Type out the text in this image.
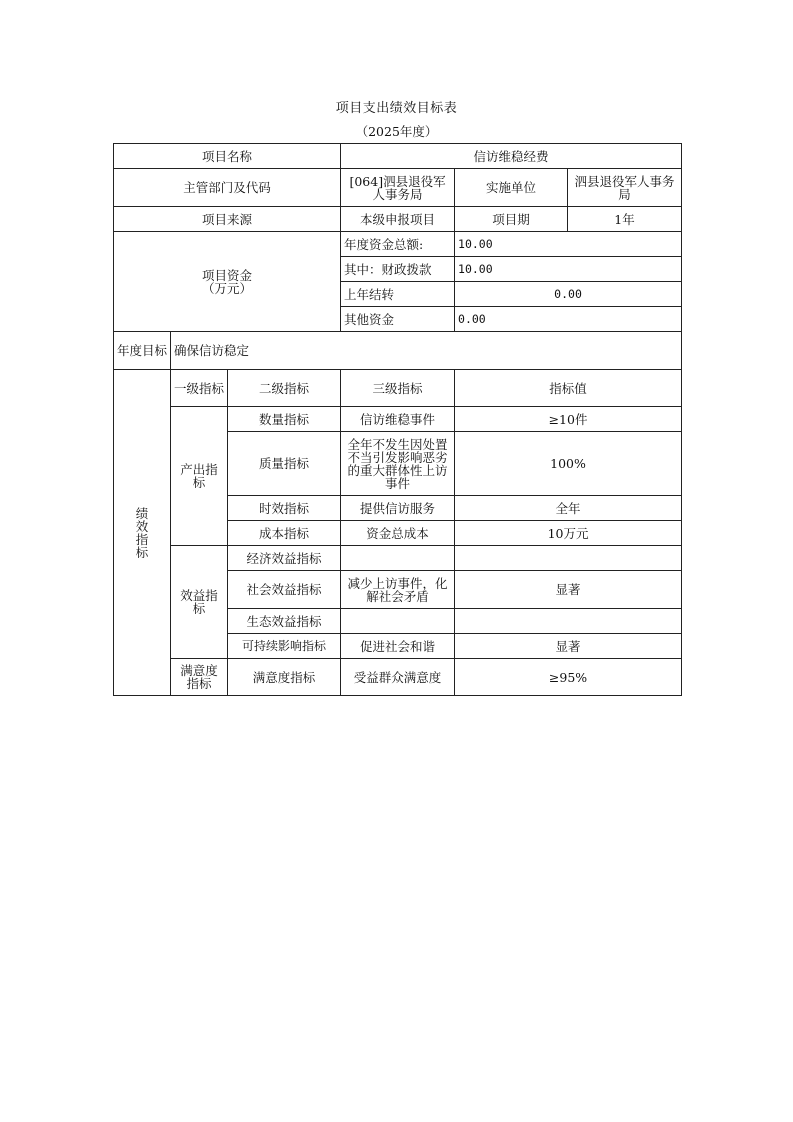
项目支出绩效目标表
（2025年度）
项目名称			信访维稳经费		
主管部门及代码			[064]泗县退役军人事务局	实施单位	泗县退役军人事务局
项目来源			本级申报项目	项目期	1年

项目资金
（万元）			年度资金总额:	10.00	
			其中：财政拨款	10.00	
			上年结转	0.00	
			其他资金	0.00	
年度目标	确保信访稳定				

绩效指标	一级指标	二级指标	三级指标	指标值	

	产出指标	数量指标	信访维稳事件	≥10件	
		质量指标	全年不发生因处置不当引发影响恶劣的重大群体性上访事件	100%	
		时效指标	提供信访服务	全年	
		成本指标	资金总成本	10万元	

	效益指标	经济效益指标			
		社会效益指标	减少上访事件，化解社会矛盾	显著	
		生态效益指标			
		可持续影响指标	促进社会和谐	显著	

	满意度指标	满意度指标	受益群众满意度	≥95%	
